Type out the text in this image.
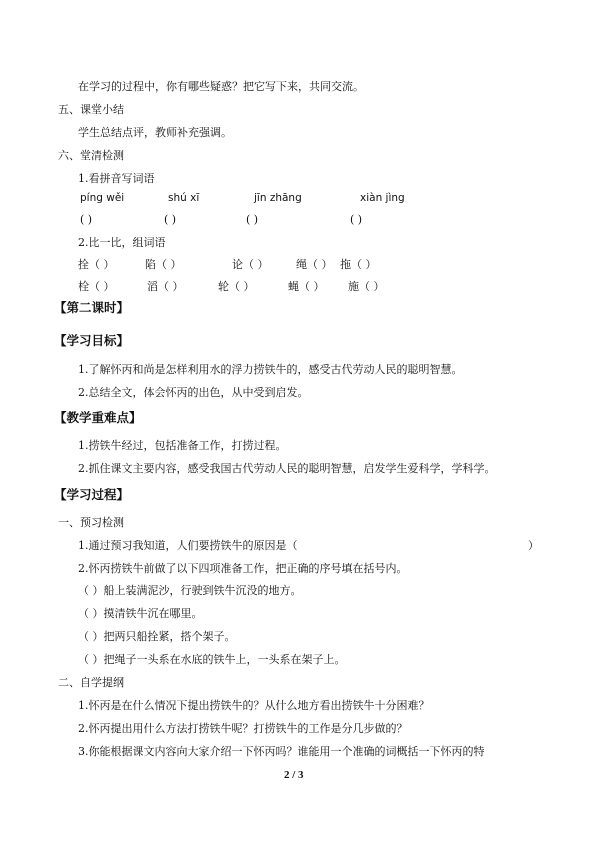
在学习的过程中，你有哪些疑惑？把它写下来，共同交流。
五、课堂小结
学生总结点评，教师补充强调。
六、堂清检测
1.看拼音写词语
píng wěi	shú xī	jīn zhāng	xiàn jìng
( )	( )	( )	( )
2.比一比，组词语
拴（ ）	陷（ ）	论（ ）	绳（ ） 拖（ ）
栓（ ）	滔（ ）	轮（ ）	蝇（ ） 施（ ）
【第二课时】
【学习目标】
1.了解怀丙和尚是怎样利用水的浮力捞铁牛的，感受古代劳动人民的聪明智慧。
2.总结全文，体会怀丙的出色，从中受到启发。
【教学重难点】
1.捞铁牛经过，包括准备工作，打捞过程。
2.抓住课文主要内容，感受我国古代劳动人民的聪明智慧，启发学生爱科学，学科学。
【学习过程】
一、预习检测
1.通过预习我知道，人们要捞铁牛的原因是（	）
2.怀丙捞铁牛前做了以下四项准备工作，把正确的序号填在括号内。
（ ）船上装满泥沙，行驶到铁牛沉没的地方。
（ ）摸清铁牛沉在哪里。
（ ）把两只船拴紧，搭个架子。
（ ）把绳子一头系在水底的铁牛上，一头系在架子上。
二、自学提纲
1.怀丙是在什么情况下提出捞铁牛的？从什么地方看出捞铁牛十分困难？
2.怀丙提出用什么方法打捞铁牛呢？打捞铁牛的工作是分几步做的？
3.你能根据课文内容向大家介绍一下怀丙吗？谁能用一个准确的词概括一下怀丙的特
2 / 3
